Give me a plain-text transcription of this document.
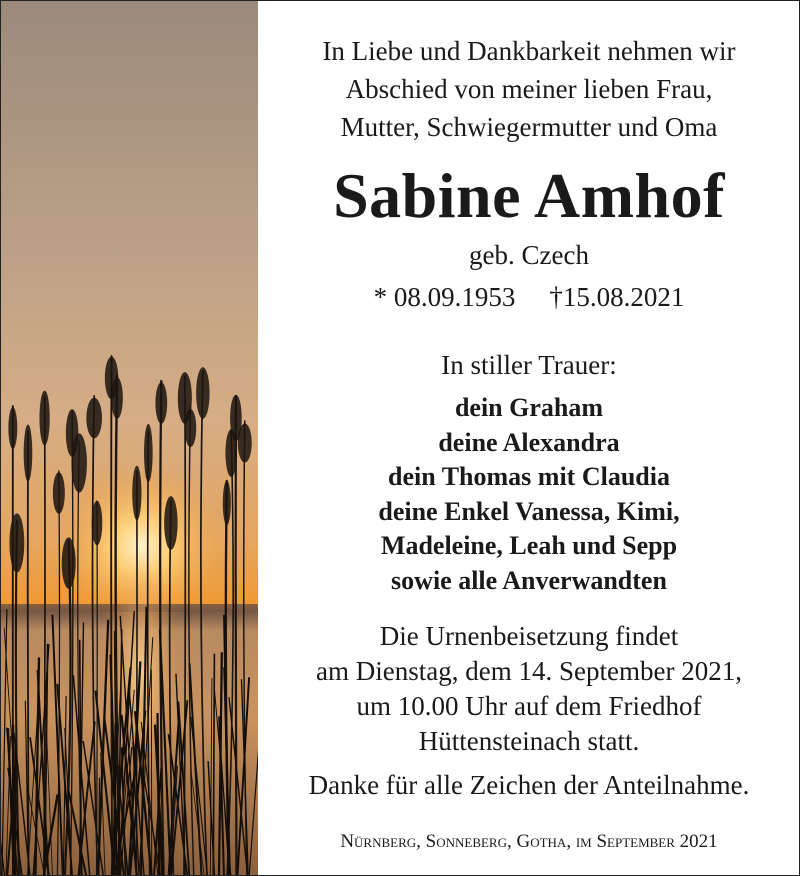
In Liebe und Dankbarkeit nehmen wir
Abschied von meiner lieben Frau,
Mutter, Schwiegermutter und Oma
Sabine Amhof
geb. Czech
* 08.09.1953 †15.08.2021
In stiller Trauer:
dein Graham
deine Alexandra
dein Thomas mit Claudia
deine Enkel Vanessa, Kimi,
Madeleine, Leah und Sepp
sowie alle Anverwandten
Die Urnenbeisetzung findet
am Dienstag, dem 14. September 2021,
um 10.00 Uhr auf dem Friedhof
Hüttensteinach statt.
Danke für alle Zeichen der Anteilnahme.
Nürnberg, Sonneberg, Gotha, im September 2021
